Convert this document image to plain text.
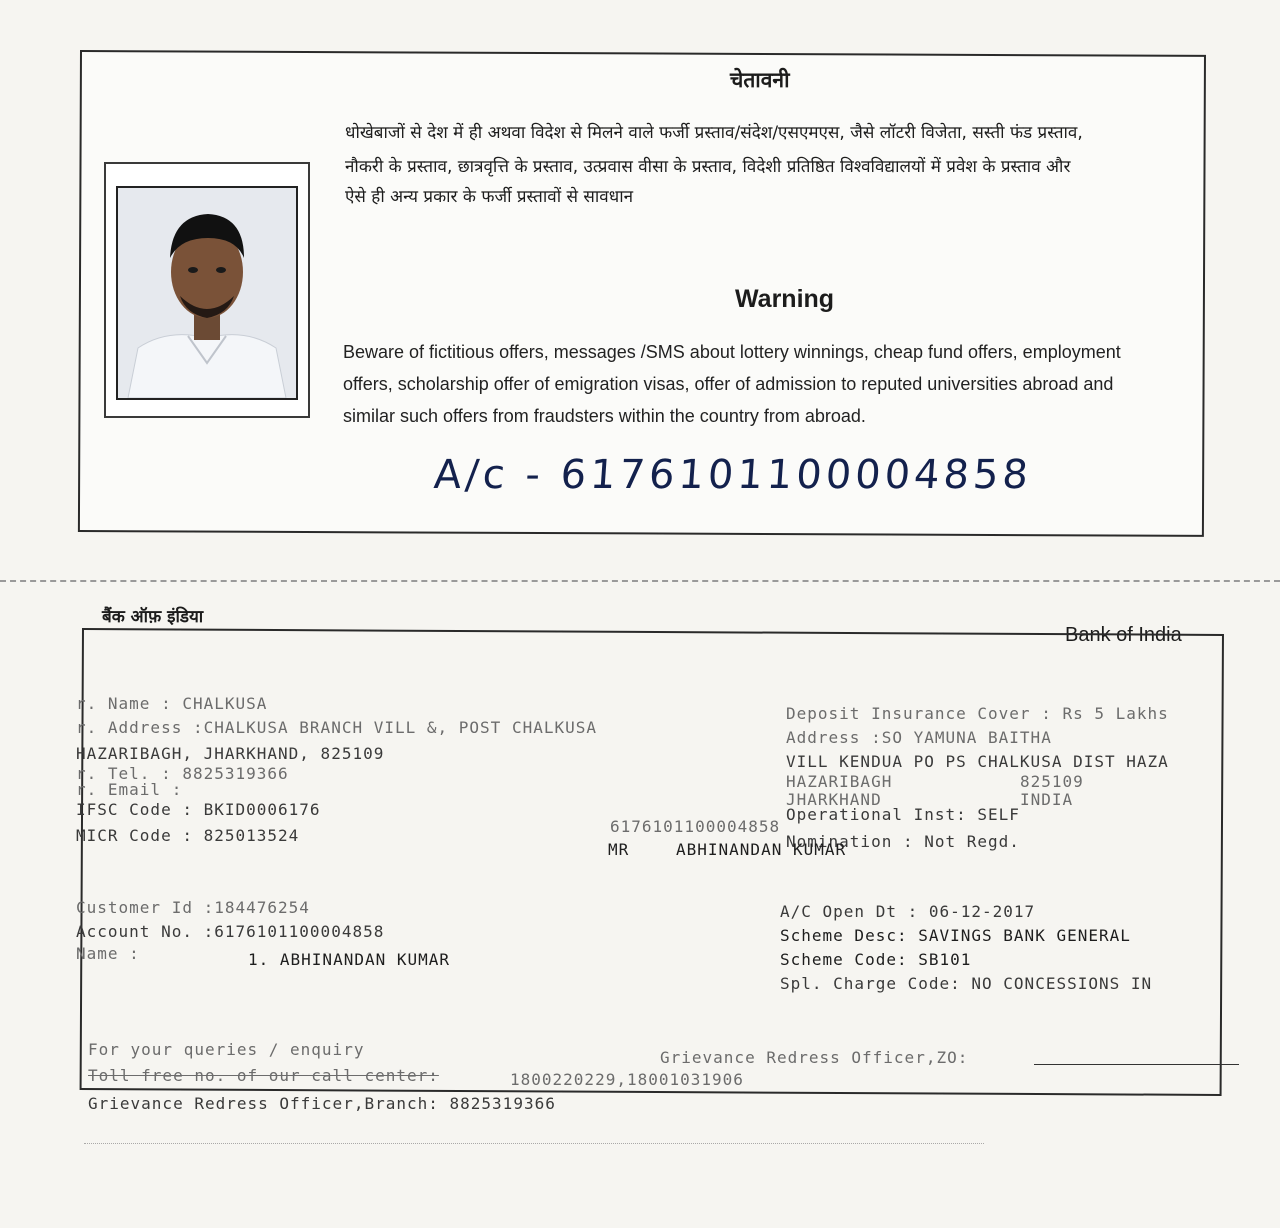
चेतावनी
धोखेबाजों से देश में ही अथवा विदेश से मिलने वाले फर्जी प्रस्ताव/संदेश/एसएमएस, जैसे लॉटरी विजेता, सस्ती फंड प्रस्ताव,
नौकरी के प्रस्ताव, छात्रवृत्ति के प्रस्ताव, उत्प्रवास वीसा के प्रस्ताव, विदेशी प्रतिष्ठित विश्वविद्यालयों में प्रवेश के प्रस्ताव और
ऐसे ही अन्य प्रकार के फर्जी प्रस्तावों से सावधान
Warning
Beware of fictitious offers, messages /SMS about lottery winnings, cheap fund offers, employment
offers, scholarship offer of emigration visas, offer of admission to reputed universities abroad and
similar such offers from fraudsters within the country from abroad.
A/c - 6176101100004858
बैंक ऑफ़ इंडिया
Bank of India
r. Name : CHALKUSA
r. Address :CHALKUSA BRANCH VILL &, POST CHALKUSA
HAZARIBAGH, JHARKHAND, 825109
r. Tel. : 8825319366
r. Email :
IFSC Code : BKID0006176
MICR Code : 825013524
Deposit Insurance Cover : Rs 5 Lakhs
Address :SO YAMUNA BAITHA
VILL KENDUA PO PS CHALKUSA DIST HAZA
HAZARIBAGH	825109
JHARKHAND	INDIA
Operational Inst: SELF
Nomination : Not Regd.
6176101100004858
MR	ABHINANDAN KUMAR
Customer Id :184476254
Account No. :6176101100004858
Name :	1. ABHINANDAN KUMAR
A/C Open Dt : 06-12-2017
Scheme Desc: SAVINGS BANK GENERAL
Scheme Code: SB101
Spl. Charge Code: NO CONCESSIONS IN
For your queries / enquiry	Grievance Redress Officer,ZO:
Toll free no. of our call center:	1800220229,18001031906
Grievance Redress Officer,Branch: 8825319366
